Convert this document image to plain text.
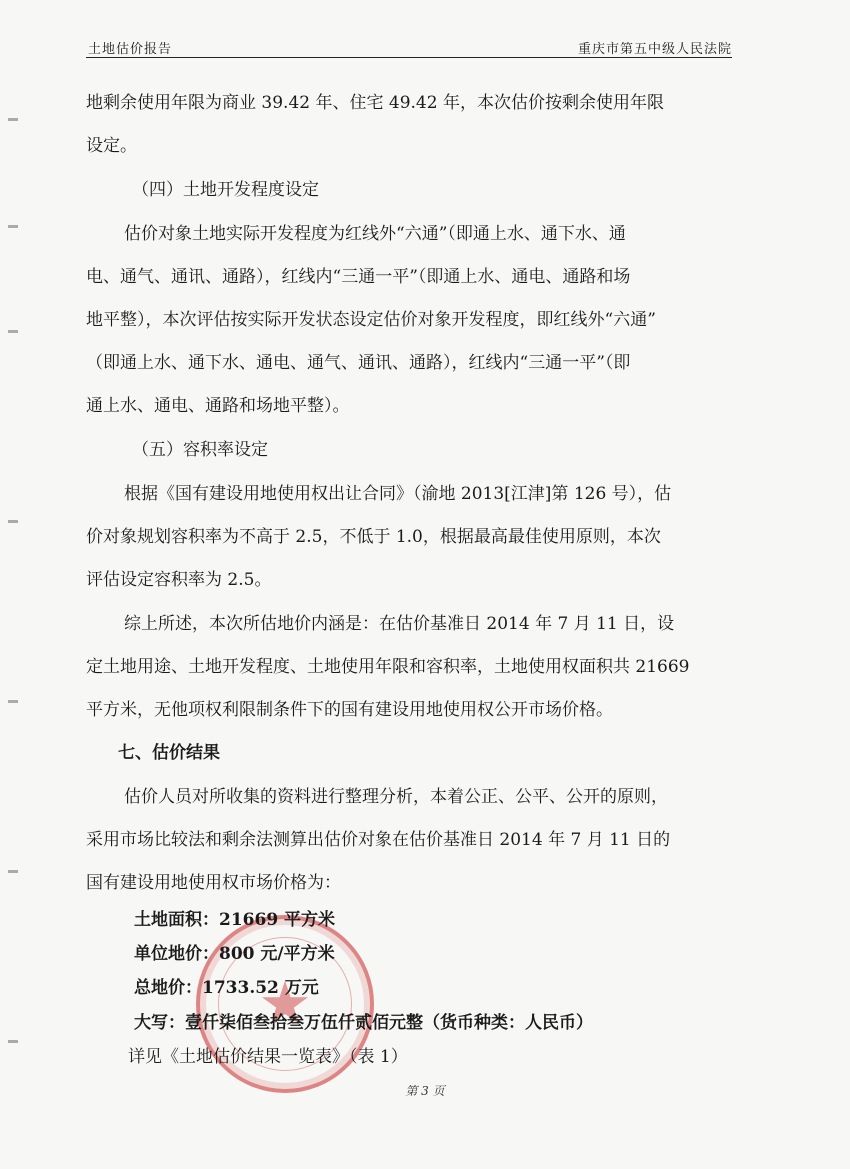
土地估价报告	重庆市第五中级人民法院
★
地剩余使用年限为商业 39.42 年、住宅 49.42 年，本次估价按剩余使用年限
设定。
（四）土地开发程度设定
估价对象土地实际开发程度为红线外“六通”（即通上水、通下水、通
电、通气、通讯、通路），红线内“三通一平”（即通上水、通电、通路和场
地平整），本次评估按实际开发状态设定估价对象开发程度，即红线外“六通”
（即通上水、通下水、通电、通气、通讯、通路），红线内“三通一平”（即
通上水、通电、通路和场地平整）。
（五）容积率设定
根据《国有建设用地使用权出让合同》（渝地 2013[江津]第 126 号），估
价对象规划容积率为不高于 2.5，不低于 1.0，根据最高最佳使用原则，本次
评估设定容积率为 2.5。
综上所述，本次所估地价内涵是：在估价基准日 2014 年 7 月 11 日，设
定土地用途、土地开发程度、土地使用年限和容积率，土地使用权面积共 21669
平方米，无他项权利限制条件下的国有建设用地使用权公开市场价格。
七、估价结果
估价人员对所收集的资料进行整理分析，本着公正、公平、公开的原则，
采用市场比较法和剩余法测算出估价对象在估价基准日 2014 年 7 月 11 日的
国有建设用地使用权市场价格为：
土地面积：21669 平方米
单位地价：800 元/平方米
总地价：1733.52 万元
大写：壹仟柒佰叁拾叁万伍仟贰佰元整（货币种类：人民币）
详见《土地估价结果一览表》（表 1）
第 3 页
